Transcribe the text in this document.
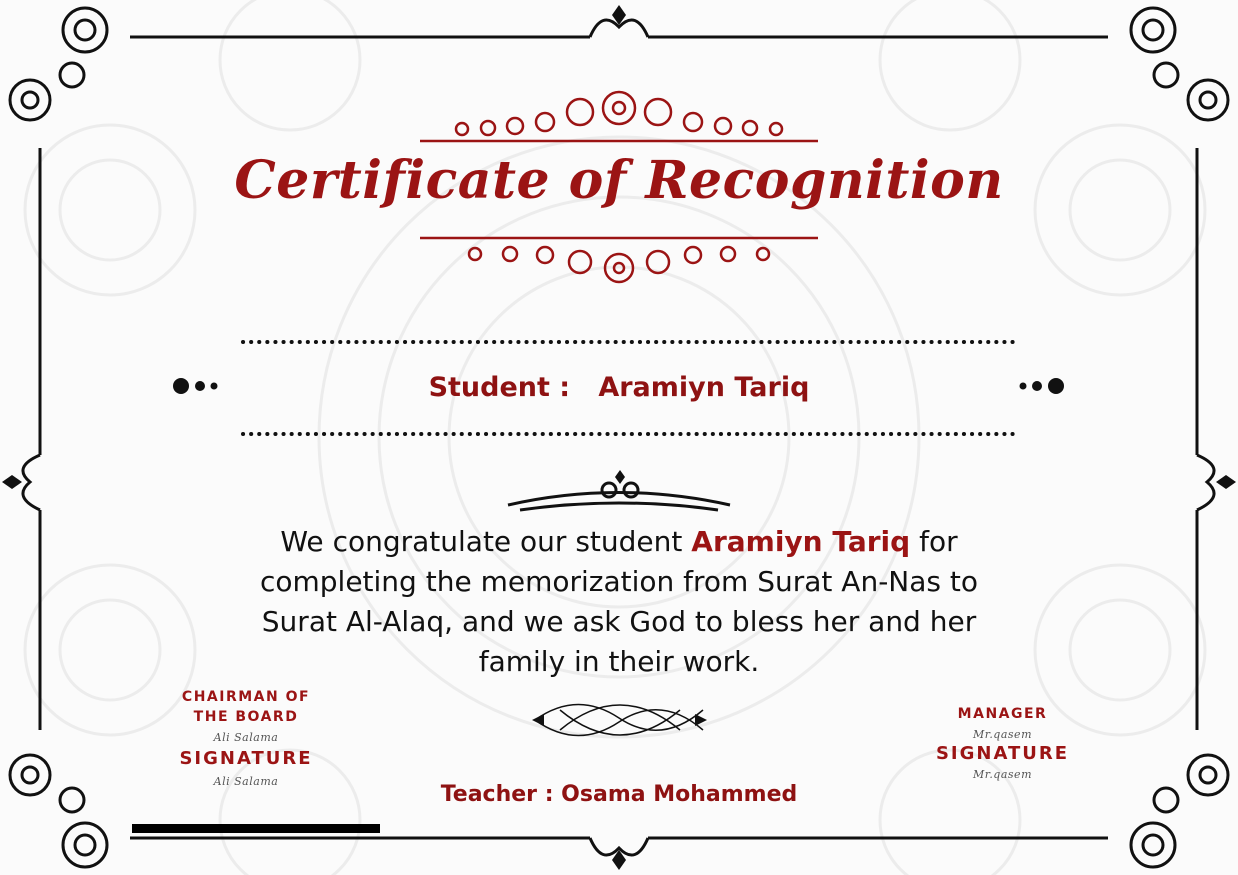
Certificate of Recognition
Student : Aramiyn Tariq
We congratulate our student Aramiyn Tariq for completing the memorization from Surat An-Nas to Surat Al-Alaq, and we ask God to bless her and her family in their work.
CHAIRMAN OF
THE BOARD
Ali Salama
SIGNATURE
Ali Salama
MANAGER
Mr.qasem
SIGNATURE
Mr.qasem
Teacher : Osama Mohammed
